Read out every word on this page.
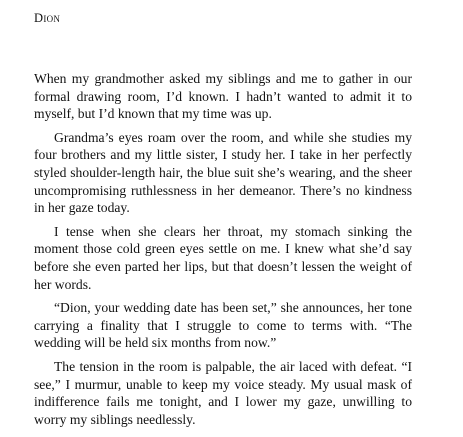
Dion

When my grandmother asked my siblings and me to gather in our formal drawing room, I’d known. I hadn’t wanted to admit it to myself, but I’d known that my time was up.

Grandma’s eyes roam over the room, and while she studies my four brothers and my little sister, I study her. I take in her perfectly styled shoulder-length hair, the blue suit she’s wearing, and the sheer uncompromising ruthlessness in her demeanor. There’s no kindness in her gaze today.

I tense when she clears her throat, my stomach sinking the moment those cold green eyes settle on me. I knew what she’d say before she even parted her lips, but that doesn’t lessen the weight of her words.

“Dion, your wedding date has been set,” she announces, her tone carrying a finality that I struggle to come to terms with. “The wedding will be held six months from now.”

The tension in the room is palpable, the air laced with defeat. “I see,” I murmur, unable to keep my voice steady. My usual mask of indifference fails me tonight, and I lower my gaze, unwilling to worry my siblings needlessly.
